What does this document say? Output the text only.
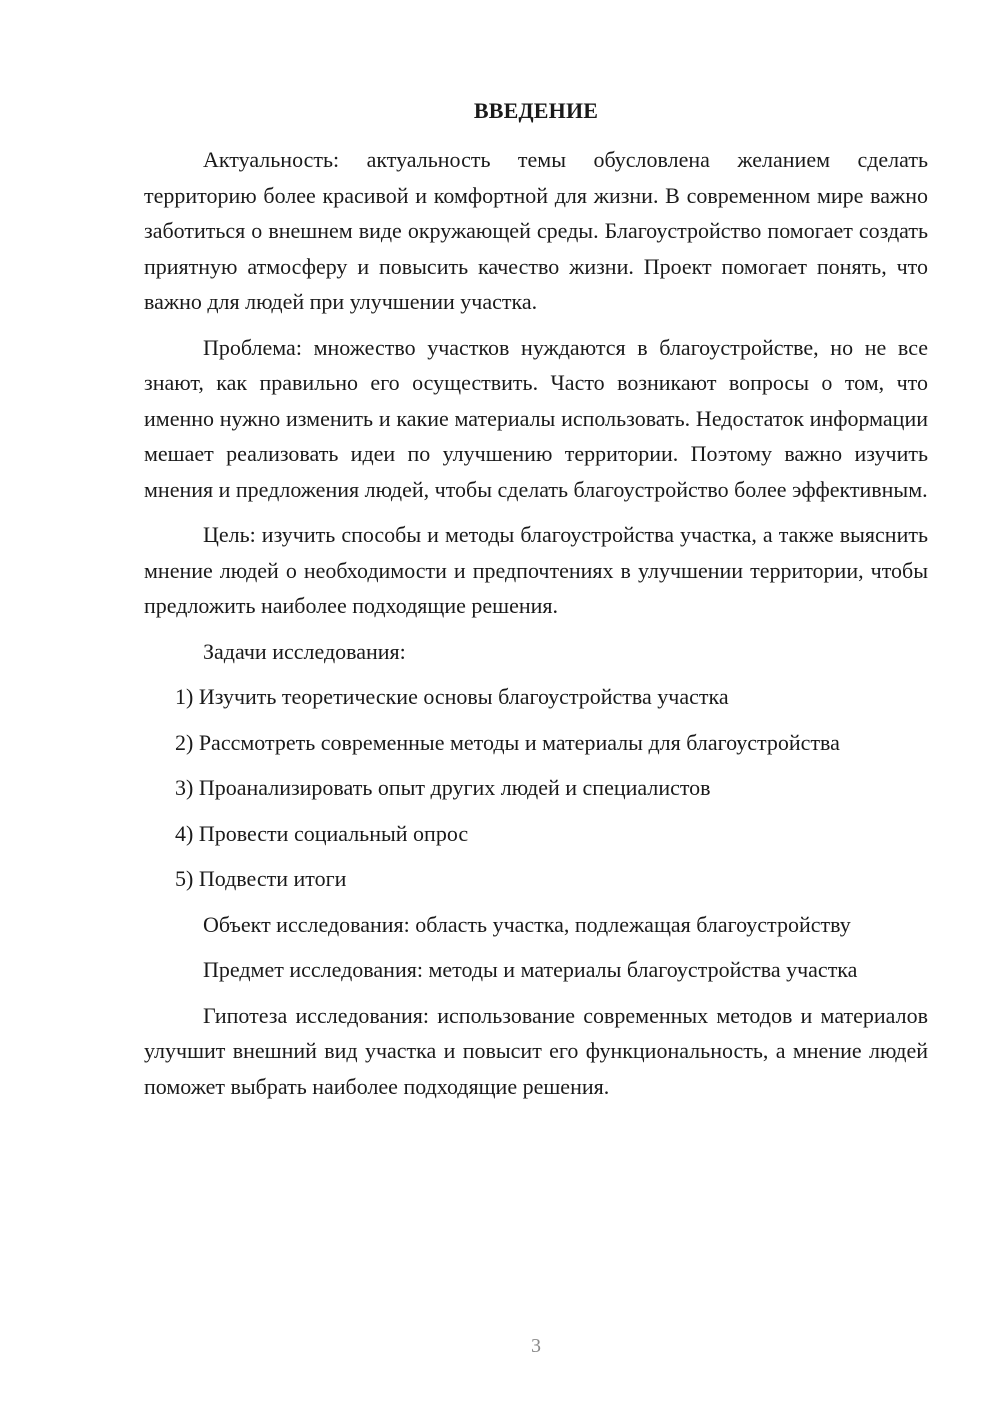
ВВЕДЕНИЕ

Актуальность: актуальность темы обусловлена желанием сделать территорию более красивой и комфортной для жизни. В современном мире важно заботиться о внешнем виде окружающей среды. Благоустройство помогает создать приятную атмосферу и повысить качество жизни. Проект помогает понять, что важно для людей при улучшении участка.

Проблема: множество участков нуждаются в благоустройстве, но не все знают, как правильно его осуществить. Часто возникают вопросы о том, что именно нужно изменить и какие материалы использовать. Недостаток информации мешает реализовать идеи по улучшению территории. Поэтому важно изучить мнения и предложения людей, чтобы сделать благоустройство более эффективным.

Цель: изучить способы и методы благоустройства участка, а также выяснить мнение людей о необходимости и предпочтениях в улучшении территории, чтобы предложить наиболее подходящие решения.

Задачи исследования:

1) Изучить теоретические основы благоустройства участка

2) Рассмотреть современные методы и материалы для благоустройства

3) Проанализировать опыт других людей и специалистов

4) Провести социальный опрос

5) Подвести итоги

Объект исследования: область участка, подлежащая благоустройству

Предмет исследования: методы и материалы благоустройства участка

Гипотеза исследования: использование современных методов и материалов улучшит внешний вид участка и повысит его функциональность, а мнение людей поможет выбрать наиболее подходящие решения.

3
